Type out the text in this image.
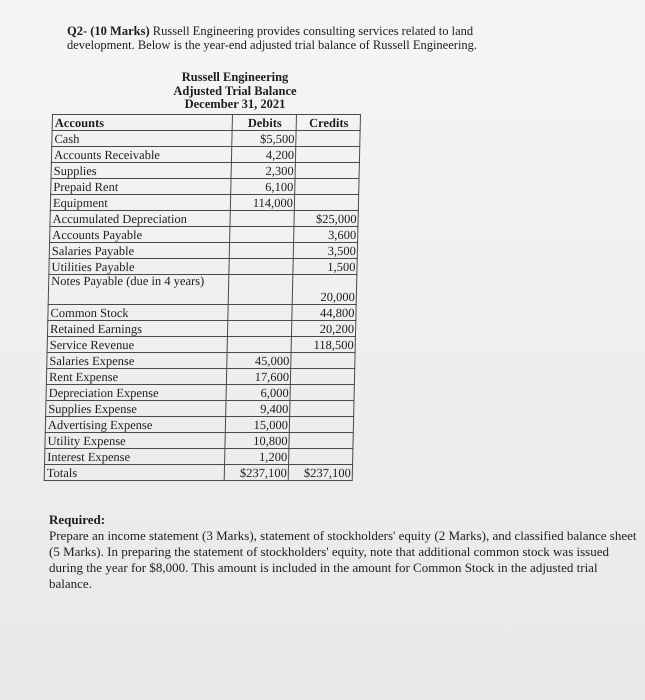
Q2- (10 Marks) Russell Engineering provides consulting services related to land development. Below is the year-end adjusted trial balance of Russell Engineering.
Russell Engineering
Adjusted Trial Balance
December 31, 2021
Accounts	Debits	Credits
Cash	$5,500	
Accounts Receivable	4,200	
Supplies	2,300	
Prepaid Rent	6,100	
Equipment	114,000	
Accumulated Depreciation		$25,000
Accounts Payable		3,600
Salaries Payable		3,500
Utilities Payable		1,500
Notes Payable (due in 4 years)		20,000
Common Stock		44,800
Retained Earnings		20,200
Service Revenue		118,500
Salaries Expense	45,000	
Rent Expense	17,600	
Depreciation Expense	6,000	
Supplies Expense	9,400	
Advertising Expense	15,000	
Utility Expense	10,800	
Interest Expense	1,200	
Totals	$237,100	$237,100
Required:
Prepare an income statement (3 Marks), statement of stockholders' equity (2 Marks), and classified balance sheet (5 Marks). In preparing the statement of stockholders' equity, note that additional common stock was issued during the year for $8,000. This amount is included in the amount for Common Stock in the adjusted trial balance.
